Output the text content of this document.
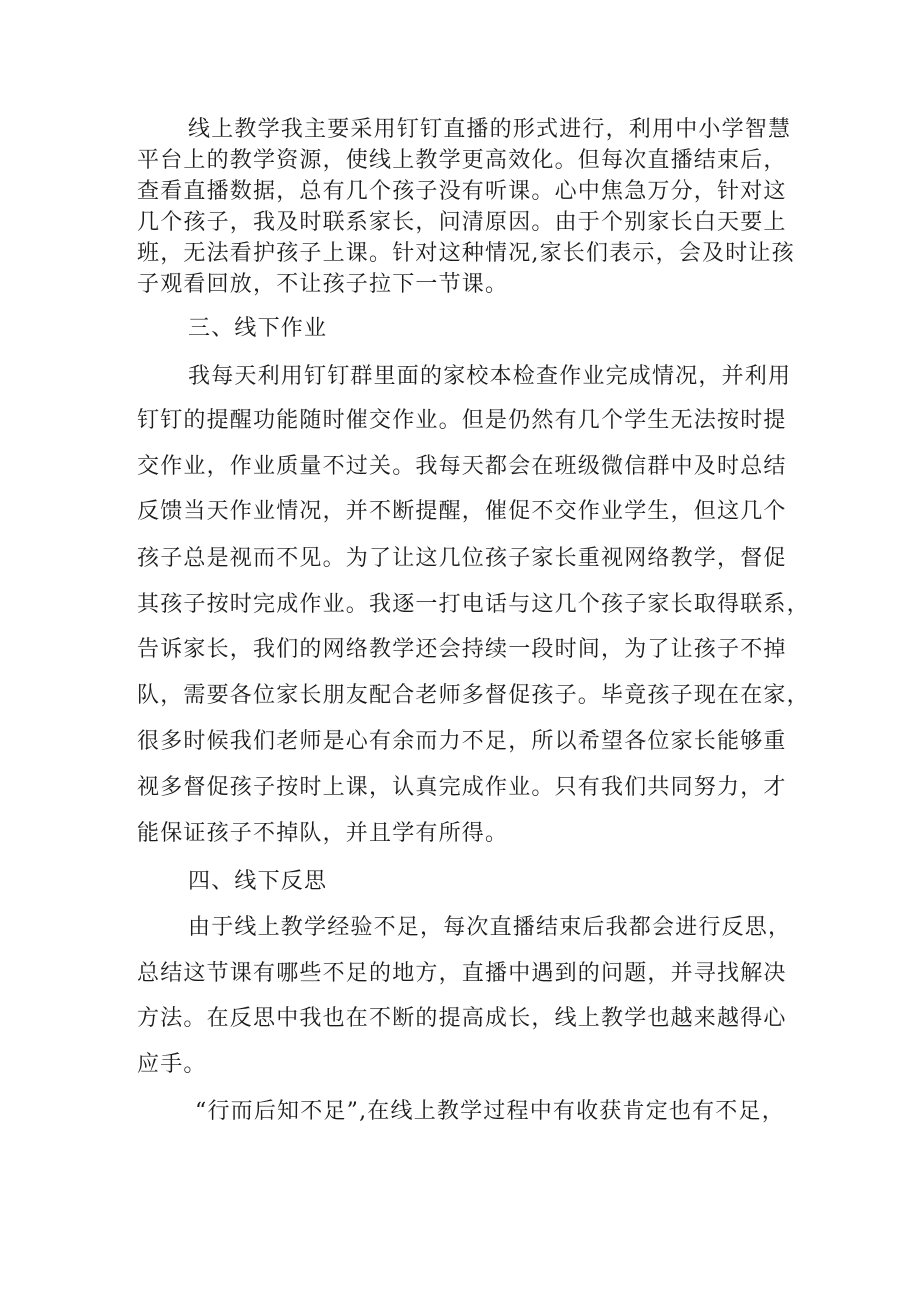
线上教学我主要采用钉钉直播的形式进行，利用中小学智慧
平台上的教学资源，使线上教学更高效化。但每次直播结束后，
查看直播数据，总有几个孩子没有听课。心中焦急万分，针对这
几个孩子，我及时联系家长，问清原因。由于个别家长白天要上
班，无法看护孩子上课。针对这种情况,家长们表示，会及时让孩
子观看回放，不让孩子拉下一节课。
三、线下作业
我每天利用钉钉群里面的家校本检查作业完成情况，并利用
钉钉的提醒功能随时催交作业。但是仍然有几个学生无法按时提
交作业，作业质量不过关。我每天都会在班级微信群中及时总结
反馈当天作业情况，并不断提醒，催促不交作业学生，但这几个
孩子总是视而不见。为了让这几位孩子家长重视网络教学，督促
其孩子按时完成作业。我逐一打电话与这几个孩子家长取得联系，
告诉家长，我们的网络教学还会持续一段时间，为了让孩子不掉
队，需要各位家长朋友配合老师多督促孩子。毕竟孩子现在在家，
很多时候我们老师是心有余而力不足，所以希望各位家长能够重
视多督促孩子按时上课，认真完成作业。只有我们共同努力，才
能保证孩子不掉队，并且学有所得。
四、线下反思
由于线上教学经验不足，每次直播结束后我都会进行反思，
总结这节课有哪些不足的地方，直播中遇到的问题，并寻找解决
方法。在反思中我也在不断的提高成长，线上教学也越来越得心
应手。
“行而后知不足”,在线上教学过程中有收获肯定也有不足，
